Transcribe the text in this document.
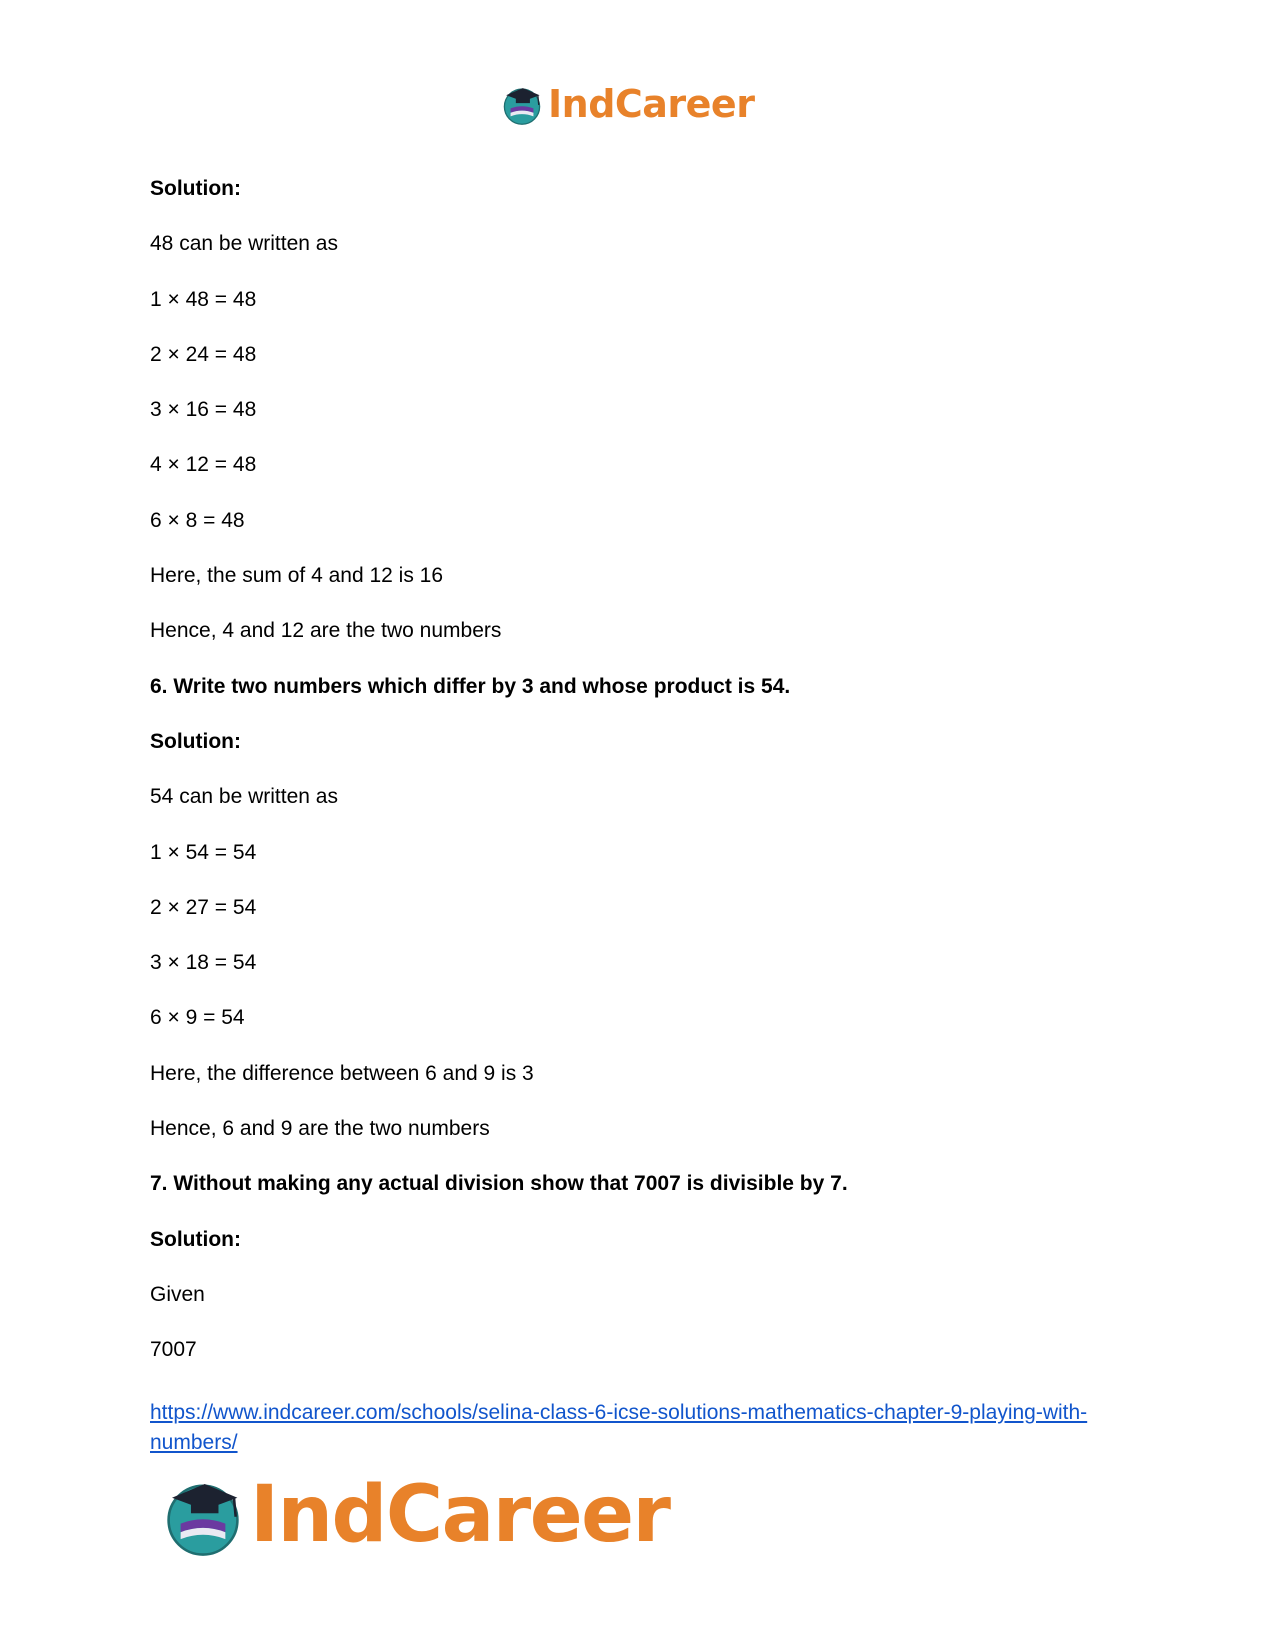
IndCareer
Solution:
48 can be written as
1 × 48 = 48
2 × 24 = 48
3 × 16 = 48
4 × 12 = 48
6 × 8 = 48
Here, the sum of 4 and 12 is 16
Hence, 4 and 12 are the two numbers
6. Write two numbers which differ by 3 and whose product is 54.
Solution:
54 can be written as
1 × 54 = 54
2 × 27 = 54
3 × 18 = 54
6 × 9 = 54
Here, the difference between 6 and 9 is 3
Hence, 6 and 9 are the two numbers
7. Without making any actual division show that 7007 is divisible by 7.
Solution:
Given
7007
https://www.indcareer.com/schools/selina-class-6-icse-solutions-mathematics-chapter-9-playing-with-numbers/
IndCareer
